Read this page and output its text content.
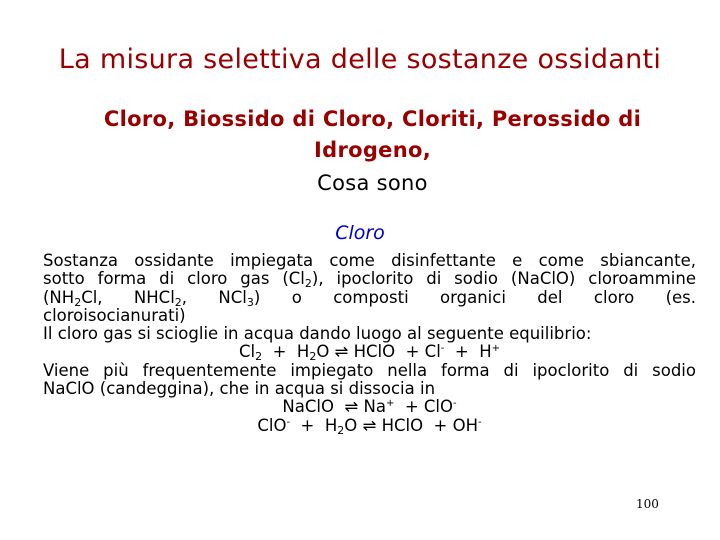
La misura selettiva delle sostanze ossidanti
Cloro, Biossido di Cloro, Cloriti, Perossido di
Idrogeno,
Cosa sono
Cloro
Sostanza ossidante impiegata come disinfettante e come sbiancante,
sotto forma di cloro gas $(Cl_2)$, ipoclorito di sodio (NaClO) cloroammine
($NH_2Cl$, NHCl$_2$, NCl$_3$) o composti organici del cloro (es.
cloroisocianurati)
Il cloro gas si scioglie in acqua dando luogo al seguente equilibrio:
$Cl_2 + H_2O$ ⇌ HClO  + Cl-  +  H+
Viene più frequentemente impiegato nella forma di ipoclorito di sodio
NaClO (candeggina), che in acqua si dissocia in
NaClO  ⇌ Na+  + ClO-
$ClO^- + H_2O$ ⇌ HClO  + OH-
100
